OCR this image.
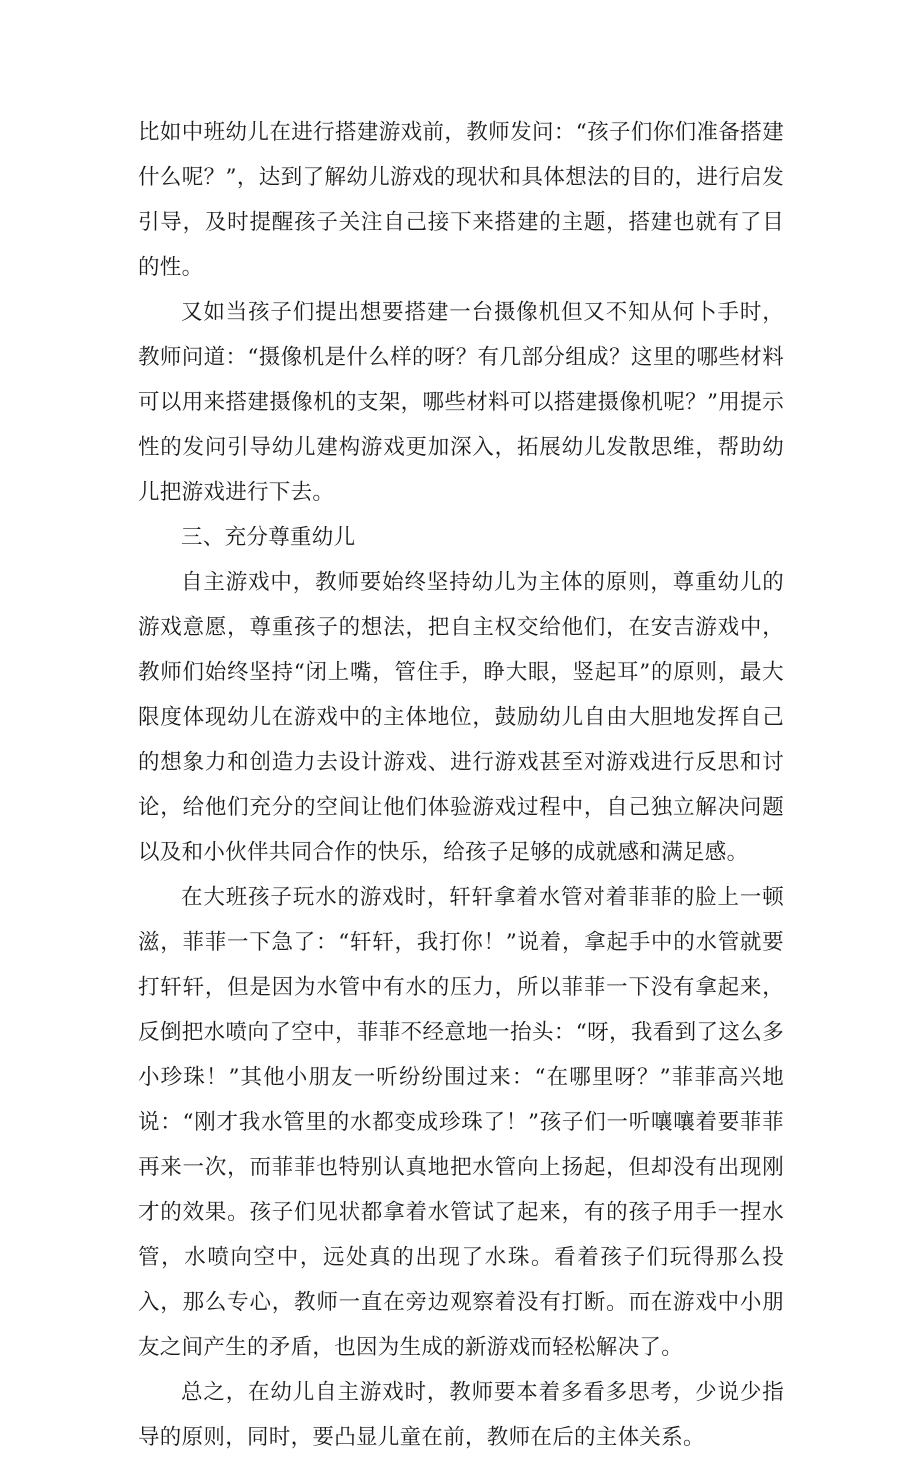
比如中班幼儿在进行搭建游戏前，教师发问：“孩子们你们准备搭建什么呢？”，达到了解幼儿游戏的现状和具体想法的目的，进行启发引导，及时提醒孩子关注自己接下来搭建的主题，搭建也就有了目的性。

又如当孩子们提出想要搭建一台摄像机但又不知从何卜手时，教师问道：“摄像机是什么样的呀？有几部分组成？这里的哪些材料可以用来搭建摄像机的支架，哪些材料可以搭建摄像机呢？”用提示性的发问引导幼儿建构游戏更加深入，拓展幼儿发散思维，帮助幼儿把游戏进行下去。

三、充分尊重幼儿

自主游戏中，教师要始终坚持幼儿为主体的原则，尊重幼儿的游戏意愿，尊重孩子的想法，把自主权交给他们，在安吉游戏中，教师们始终坚持“闭上嘴，管住手，睁大眼，竖起耳”的原则，最大限度体现幼儿在游戏中的主体地位，鼓励幼儿自由大胆地发挥自己的想象力和创造力去设计游戏、进行游戏甚至对游戏进行反思和讨论，给他们充分的空间让他们体验游戏过程中，自己独立解决问题以及和小伙伴共同合作的快乐，给孩子足够的成就感和满足感。

在大班孩子玩水的游戏时，轩轩拿着水管对着菲菲的脸上一顿滋，菲菲一下急了：“轩轩，我打你！”说着，拿起手中的水管就要打轩轩，但是因为水管中有水的压力，所以菲菲一下没有拿起来，反倒把水喷向了空中，菲菲不经意地一抬头：“呀，我看到了这么多小珍珠！”其他小朋友一听纷纷围过来：“在哪里呀？”菲菲高兴地说：“刚才我水管里的水都变成珍珠了！”孩子们一听嚷嚷着要菲菲再来一次，而菲菲也特别认真地把水管向上扬起，但却没有出现刚才的效果。孩子们见状都拿着水管试了起来，有的孩子用手一捏水管，水喷向空中，远处真的出现了水珠。看着孩子们玩得那么投入，那么专心，教师一直在旁边观察着没有打断。而在游戏中小朋友之间产生的矛盾，也因为生成的新游戏而轻松解决了。

总之，在幼儿自主游戏时，教师要本着多看多思考，少说少指导的原则，同时，要凸显儿童在前，教师在后的主体关系。
